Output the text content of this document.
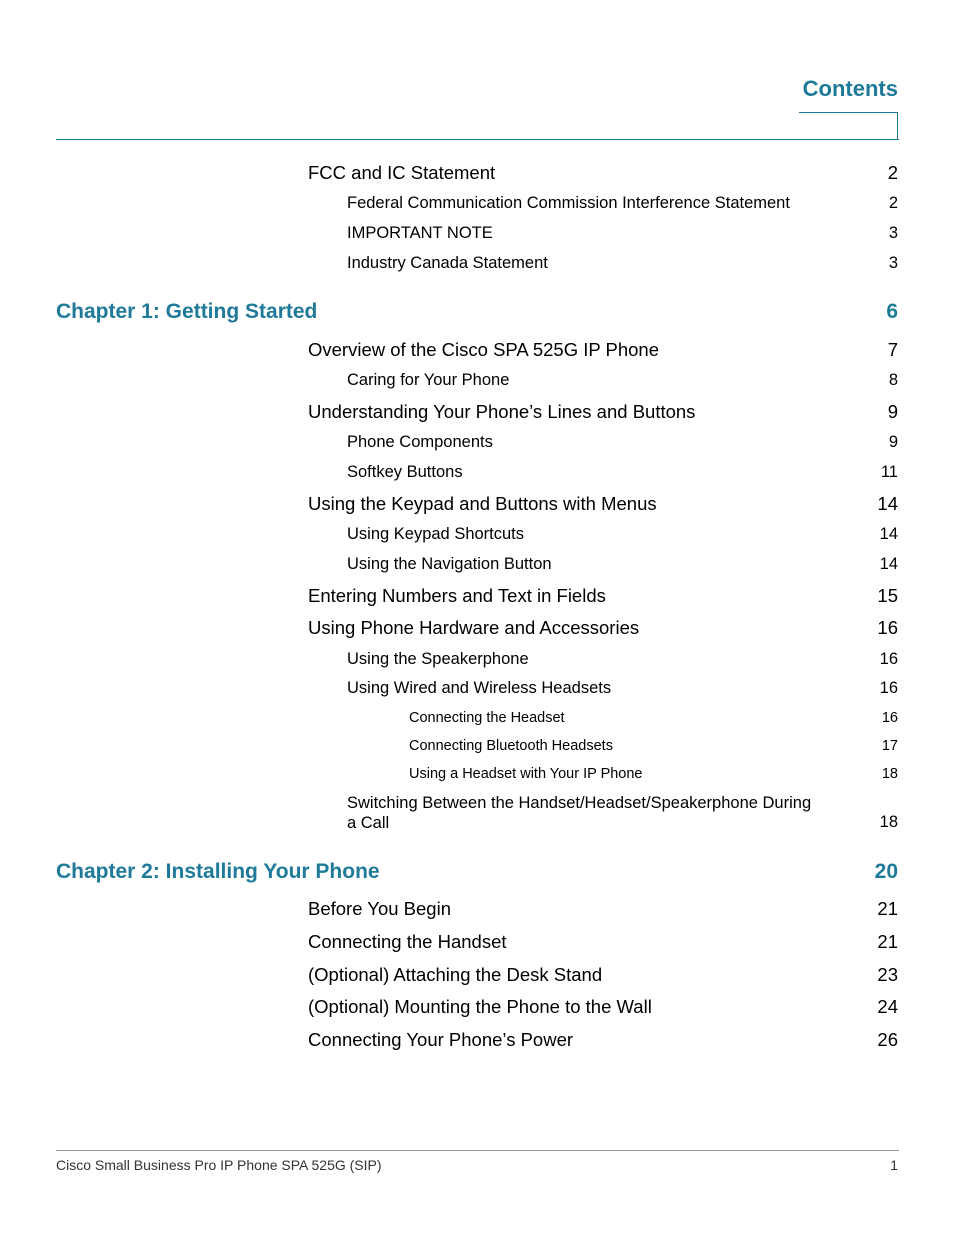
Contents
FCC and IC Statement	2
Federal Communication Commission Interference Statement	2
IMPORTANT NOTE	3
Industry Canada Statement	3
Chapter 1: Getting Started	6
Overview of the Cisco SPA 525G IP Phone	7
Caring for Your Phone	8
Understanding Your Phone’s Lines and Buttons	9
Phone Components	9
Softkey Buttons	11
Using the Keypad and Buttons with Menus	14
Using Keypad Shortcuts	14
Using the Navigation Button	14
Entering Numbers and Text in Fields	15
Using Phone Hardware and Accessories	16
Using the Speakerphone	16
Using Wired and Wireless Headsets	16
Connecting the Headset	16
Connecting Bluetooth Headsets	17
Using a Headset with Your IP Phone	18
Switching Between the Handset/Headset/Speakerphone During a Call	18
Chapter 2: Installing Your Phone	20
Before You Begin	21
Connecting the Handset	21
(Optional) Attaching the Desk Stand	23
(Optional) Mounting the Phone to the Wall	24
Connecting Your Phone’s Power	26
Cisco Small Business Pro IP Phone SPA 525G (SIP)	1
